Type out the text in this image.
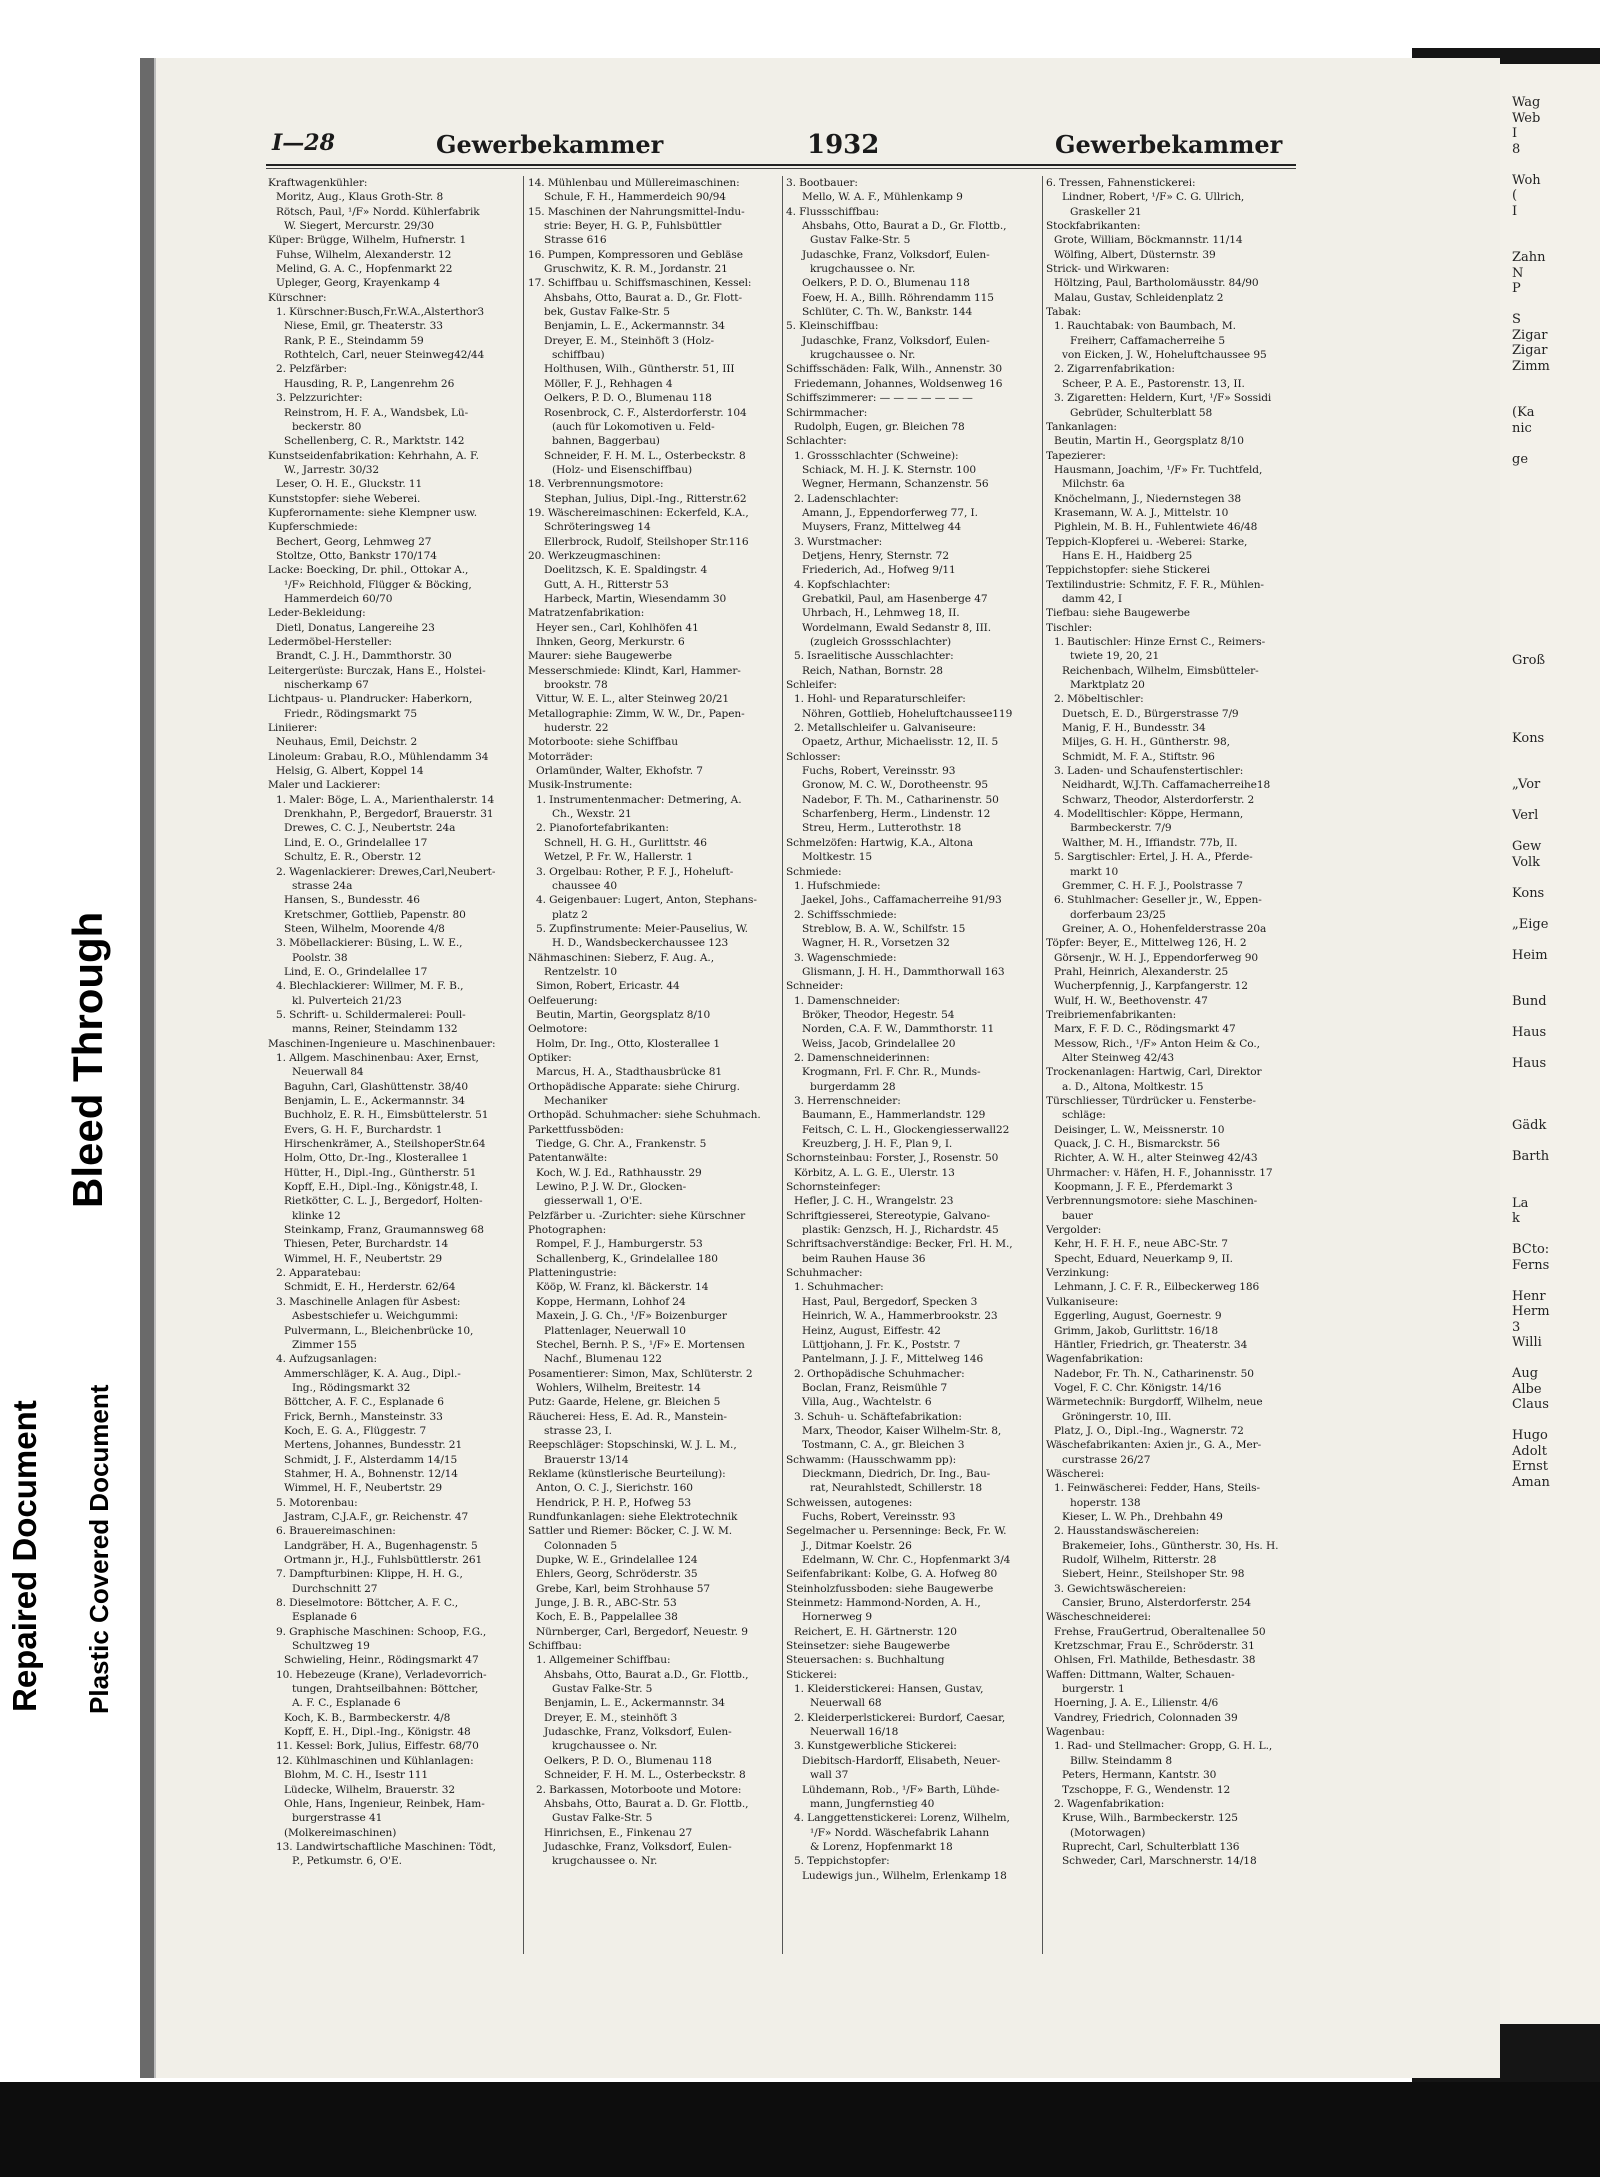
Wag
Web
I
8

Woh
(
I

Zahn
N
P

S
Zigar
Zigar
Zimm

(Ka
nic

ge

Groß

Kons

„Vor

Verl

Gew
Volk

Kons

„Eige

Heim

Bund

Haus

Haus

Gädk

Barth

La
k

BCto:
Ferns

Henr
Herm
3
Willi

Aug
Albe
Claus

Hugo
Adolt
Ernst
Aman
Repaired Document Plastic Covered Document
Bleed Through
I—28	Gewerbekammer	1932	Gewerbekammer
Kraftwagenkühler:
Moritz, Aug., Klaus Groth-Str. 8
Rötsch, Paul, ¹/F» Nordd. Kühlerfabrik
W. Siegert, Mercurstr. 29/30
Küper: Brügge, Wilhelm, Hufnerstr. 1
Fuhse, Wilhelm, Alexanderstr. 12
Melind, G. A. C., Hopfenmarkt 22
Upleger, Georg, Krayenkamp 4
Kürschner:
1. Kürschner:Busch,Fr.W.A.,Alsterthor3
Niese, Emil, gr. Theaterstr. 33
Rank, P. E., Steindamm 59
Rothtelch, Carl, neuer Steinweg42/44
2. Pelzfärber:
Hausding, R. P., Langenrehm 26
3. Pelzzurichter:
Reinstrom, H. F. A., Wandsbek, Lü-
beckerstr. 80
Schellenberg, C. R., Marktstr. 142
Kunstseidenfabrikation: Kehrhahn, A. F.
W., Jarrestr. 30/32
Leser, O. H. E., Gluckstr. 11
Kunststopfer: siehe Weberei.
Kupferornamente: siehe Klempner usw.
Kupferschmiede:
Bechert, Georg, Lehmweg 27
Stoltze, Otto, Bankstr 170/174
Lacke: Boecking, Dr. phil., Ottokar A.,
¹/F» Reichhold, Flügger & Böcking,
Hammerdeich 60/70
Leder-Bekleidung:
Dietl, Donatus, Langereihe 23
Ledermöbel-Hersteller:
Brandt, C. J. H., Dammthorstr. 30
Leitergerüste: Burczak, Hans E., Holstei-
nischerkamp 67
Lichtpaus- u. Plandrucker: Haberkorn,
Friedr., Rödingsmarkt 75
Liniierer:
Neuhaus, Emil, Deichstr. 2
Linoleum: Grabau, R.O., Mühlendamm 34
Helsig, G. Albert, Koppel 14
Maler und Lackierer:
1. Maler: Böge, L. A., Marienthalerstr. 14
Drenkhahn, P., Bergedorf, Brauerstr. 31
Drewes, C. C. J., Neubertstr. 24a
Lind, E. O., Grindelallee 17
Schultz, E. R., Oberstr. 12
2. Wagenlackierer: Drewes,Carl,Neubert-
strasse 24a
Hansen, S., Bundesstr. 46
Kretschmer, Gottlieb, Papenstr. 80
Steen, Wilhelm, Moorende 4/8
3. Möbellackierer: Büsing, L. W. E.,
Poolstr. 38
Lind, E. O., Grindelallee 17
4. Blechlackierer: Willmer, M. F. B.,
kl. Pulverteich 21/23
5. Schrift- u. Schildermalerei: Poull-
manns, Reiner, Steindamm 132
Maschinen-Ingenieure u. Maschinenbauer:
1. Allgem. Maschinenbau: Axer, Ernst,
Neuerwall 84
Baguhn, Carl, Glashüttenstr. 38/40
Benjamin, L. E., Ackermannstr. 34
Buchholz, E. R. H., Eimsbüttelerstr. 51
Evers, G. H. F., Burchardstr. 1
Hirschenkrämer, A., SteilshoperStr.64
Holm, Otto, Dr.-Ing., Klosterallee 1
Hütter, H., Dipl.-Ing., Güntherstr. 51
Kopff, E.H., Dipl.-Ing., Königstr.48, I.
Rietkötter, C. L. J., Bergedorf, Holten-
klinke 12
Steinkamp, Franz, Graumannsweg 68
Thiesen, Peter, Burchardstr. 14
Wimmel, H. F., Neubertstr. 29
2. Apparatebau:
Schmidt, E. H., Herderstr. 62/64
3. Maschinelle Anlagen für Asbest:
Asbestschiefer u. Weichgummi:
Pulvermann, L., Bleichenbrücke 10,
Zimmer 155
4. Aufzugsanlagen:
Ammerschläger, K. A. Aug., Dipl.-
Ing., Rödingsmarkt 32
Böttcher, A. F. C., Esplanade 6
Frick, Bernh., Mansteinstr. 33
Koch, E. G. A., Flüggestr. 7
Mertens, Johannes, Bundesstr. 21
Schmidt, J. F., Alsterdamm 14/15
Stahmer, H. A., Bohnenstr. 12/14
Wimmel, H. F., Neubertstr. 29
5. Motorenbau:
Jastram, C.J.A.F., gr. Reichenstr. 47
6. Brauereimaschinen:
Landgräber, H. A., Bugenhagenstr. 5
Ortmann jr., H.J., Fuhlsbüttlerstr. 261
7. Dampfturbinen: Klippe, H. H. G.,
Durchschnitt 27
8. Dieselmotore: Böttcher, A. F. C.,
Esplanade 6
9. Graphische Maschinen: Schoop, F.G.,
Schultzweg 19
Schwieling, Heinr., Rödingsmarkt 47
10. Hebezeuge (Krane), Verladevorrich-
tungen, Drahtseilbahnen: Böttcher,
A. F. C., Esplanade 6
Koch, K. B., Barmbeckerstr. 4/8
Kopff, E. H., Dipl.-Ing., Königstr. 48
11. Kessel: Bork, Julius, Eiffestr. 68/70
12. Kühlmaschinen und Kühlanlagen:
Blohm, M. C. H., Isestr 111
Lüdecke, Wilhelm, Brauerstr. 32
Ohle, Hans, Ingenieur, Reinbek, Ham-
burgerstrasse 41
(Molkereimaschinen)
13. Landwirtschaftliche Maschinen: Tödt,
P., Petkumstr. 6, O'E.
14. Mühlenbau und Müllereimaschinen:
Schule, F. H., Hammerdeich 90/94
15. Maschinen der Nahrungsmittel-Indu-
strie: Beyer, H. G. P., Fuhlsbüttler
Strasse 616
16. Pumpen, Kompressoren und Gebläse
Gruschwitz, K. R. M., Jordanstr. 21
17. Schiffbau u. Schiffsmaschinen, Kessel:
Ahsbahs, Otto, Baurat a. D., Gr. Flott-
bek, Gustav Falke-Str. 5
Benjamin, L. E., Ackermannstr. 34
Dreyer, E. M., Steinhöft 3 (Holz-
schiffbau)
Holthusen, Wilh., Güntherstr. 51, III
Möller, F. J., Rehhagen 4
Oelkers, P. D. O., Blumenau 118
Rosenbrock, C. F., Alsterdorferstr. 104
(auch für Lokomotiven u. Feld-
bahnen, Baggerbau)
Schneider, F. H. M. L., Osterbeckstr. 8
(Holz- und Eisenschiffbau)
18. Verbrennungsmotore:
Stephan, Julius, Dipl.-Ing., Ritterstr.62
19. Wäschereimaschinen: Eckerfeld, K.A.,
Schröteringsweg 14
Ellerbrock, Rudolf, Steilshoper Str.116
20. Werkzeugmaschinen:
Doelitzsch, K. E. Spaldingstr. 4
Gutt, A. H., Ritterstr 53
Harbeck, Martin, Wiesendamm 30
Matratzenfabrikation:
Heyer sen., Carl, Kohlhöfen 41
Ihnken, Georg, Merkurstr. 6
Maurer: siehe Baugewerbe
Messerschmiede: Klindt, Karl, Hammer-
brookstr. 78
Vittur, W. E. L., alter Steinweg 20/21
Metallographie: Zimm, W. W., Dr., Papen-
huderstr. 22
Motorboote: siehe Schiffbau
Motorräder:
Orlamünder, Walter, Ekhofstr. 7
Musik-Instrumente:
1. Instrumentenmacher: Detmering, A.
Ch., Wexstr. 21
2. Pianofortefabrikanten:
Schnell, H. G. H., Gurlittstr. 46
Wetzel, P. Fr. W., Hallerstr. 1
3. Orgelbau: Rother, P. F. J., Hoheluft-
chaussee 40
4. Geigenbauer: Lugert, Anton, Stephans-
platz 2
5. Zupfinstrumente: Meier-Pauselius, W.
H. D., Wandsbeckerchaussee 123
Nähmaschinen: Sieberz, F. Aug. A.,
Rentzelstr. 10
Simon, Robert, Ericastr. 44
Oelfeuerung:
Beutin, Martin, Georgsplatz 8/10
Oelmotore:
Holm, Dr. Ing., Otto, Klosterallee 1
Optiker:
Marcus, H. A., Stadthausbrücke 81
Orthopädische Apparate: siehe Chirurg.
Mechaniker
Orthopäd. Schuhmacher: siehe Schuhmach.
Parkettfussböden:
Tiedge, G. Chr. A., Frankenstr. 5
Patentanwälte:
Koch, W. J. Ed., Rathhausstr. 29
Lewino, P. J. W. Dr., Glocken-
giesserwall 1, O'E.
Pelzfärber u. -Zurichter: siehe Kürschner
Photographen:
Rompel, F. J., Hamburgerstr. 53
Schallenberg, K., Grindelallee 180
Platteningustrie:
Kööp, W. Franz, kl. Bäckerstr. 14
Koppe, Hermann, Lohhof 24
Maxein, J. G. Ch., ¹/F» Boizenburger
Plattenlager, Neuerwall 10
Stechel, Bernh. P. S., ¹/F» E. Mortensen
Nachf., Blumenau 122
Posamentierer: Simon, Max, Schlüterstr. 2
Wohlers, Wilhelm, Breitestr. 14
Putz: Gaarde, Helene, gr. Bleichen 5
Räucherei: Hess, E. Ad. R., Manstein-
strasse 23, I.
Reepschläger: Stopschinski, W. J. L. M.,
Brauerstr 13/14
Reklame (künstlerische Beurteilung):
Anton, O. C. J., Sierichstr. 160
Hendrick, P. H. P., Hofweg 53
Rundfunkanlagen: siehe Elektrotechnik
Sattler und Riemer: Böcker, C. J. W. M.
Colonnaden 5
Dupke, W. E., Grindelallee 124
Ehlers, Georg, Schröderstr. 35
Grebe, Karl, beim Strohhause 57
Junge, J. B. R., ABC-Str. 53
Koch, E. B., Pappelallee 38
Nürnberger, Carl, Bergedorf, Neuestr. 9
Schiffbau:
1. Allgemeiner Schiffbau:
Ahsbahs, Otto, Baurat a.D., Gr. Flottb.,
Gustav Falke-Str. 5
Benjamin, L. E., Ackermannstr. 34
Dreyer, E. M., steinhöft 3
Judaschke, Franz, Volksdorf, Eulen-
krugchaussee o. Nr.
Oelkers, P. D. O., Blumenau 118
Schneider, F. H. M. L., Osterbeckstr. 8
2. Barkassen, Motorboote und Motore:
Ahsbahs, Otto, Baurat a. D. Gr. Flottb.,
Gustav Falke-Str. 5
Hinrichsen, E., Finkenau 27
Judaschke, Franz, Volksdorf, Eulen-
krugchaussee o. Nr.
3. Bootbauer:
Mello, W. A. F., Mühlenkamp 9
4. Flussschiffbau:
Ahsbahs, Otto, Baurat a D., Gr. Flottb.,
Gustav Falke-Str. 5
Judaschke, Franz, Volksdorf, Eulen-
krugchaussee o. Nr.
Oelkers, P. D. O., Blumenau 118
Foew, H. A., Billh. Röhrendamm 115
Schlüter, C. Th. W., Bankstr. 144
5. Kleinschiffbau:
Judaschke, Franz, Volksdorf, Eulen-
krugchaussee o. Nr.
Schiffsschäden: Falk, Wilh., Annenstr. 30
Friedemann, Johannes, Woldsenweg 16
Schiffszimmerer: — — — — — — —
Schirmmacher:
Rudolph, Eugen, gr. Bleichen 78
Schlachter:
1. Grossschlachter (Schweine):
Schiack, M. H. J. K. Sternstr. 100
Wegner, Hermann, Schanzenstr. 56
2. Ladenschlachter:
Amann, J., Eppendorferweg 77, I.
Muysers, Franz, Mittelweg 44
3. Wurstmacher:
Detjens, Henry, Sternstr. 72
Friederich, Ad., Hofweg 9/11
4. Kopfschlachter:
Grebatkil, Paul, am Hasenberge 47
Uhrbach, H., Lehmweg 18, II.
Wordelmann, Ewald Sedanstr 8, III.
(zugleich Grossschlachter)
5. Israelitische Ausschlachter:
Reich, Nathan, Bornstr. 28
Schleifer:
1. Hohl- und Reparaturschleifer:
Nöhren, Gottlieb, Hoheluftchaussee119
2. Metallschleifer u. Galvaniseure:
Opaetz, Arthur, Michaelisstr. 12, II. 5
Schlosser:
Fuchs, Robert, Vereinsstr. 93
Gronow, M. C. W., Dorotheenstr. 95
Nadebor, F. Th. M., Catharinenstr. 50
Scharfenberg, Herm., Lindenstr. 12
Streu, Herm., Lutterothstr. 18
Schmelzöfen: Hartwig, K.A., Altona
Moltkestr. 15
Schmiede:
1. Hufschmiede:
Jaekel, Johs., Caffamacherreihe 91/93
2. Schiffsschmiede:
Streblow, B. A. W., Schilfstr. 15
Wagner, H. R., Vorsetzen 32
3. Wagenschmiede:
Glismann, J. H. H., Dammthorwall 163
Schneider:
1. Damenschneider:
Bröker, Theodor, Hegestr. 54
Norden, C.A. F. W., Dammthorstr. 11
Weiss, Jacob, Grindelallee 20
2. Damenschneiderinnen:
Krogmann, Frl. F. Chr. R., Munds-
burgerdamm 28
3. Herrenschneider:
Baumann, E., Hammerlandstr. 129
Feitsch, C. L. H., Glockengiesserwall22
Kreuzberg, J. H. F., Plan 9, I.
Schornsteinbau: Forster, J., Rosenstr. 50
Körbitz, A. L. G. E., Ulerstr. 13
Schornsteinfeger:
Hefler, J. C. H., Wrangelstr. 23
Schriftgiesserei, Stereotypie, Galvano-
plastik: Genzsch, H. J., Richardstr. 45
Schriftsachverständige: Becker, Frl. H. M.,
beim Rauhen Hause 36
Schuhmacher:
1. Schuhmacher:
Hast, Paul, Bergedorf, Specken 3
Heinrich, W. A., Hammerbrookstr. 23
Heinz, August, Eiffestr. 42
Lüttjohann, J. Fr. K., Poststr. 7
Pantelmann, J. J. F., Mittelweg 146
2. Orthopädische Schuhmacher:
Boclan, Franz, Reismühle 7
Villa, Aug., Wachtelstr. 6
3. Schuh- u. Schäftefabrikation:
Marx, Theodor, Kaiser Wilhelm-Str. 8,
Tostmann, C. A., gr. Bleichen 3
Schwamm: (Hausschwamm pp):
Dieckmann, Diedrich, Dr. Ing., Bau-
rat, Neurahlstedt, Schillerstr. 18
Schweissen, autogenes:
Fuchs, Robert, Vereinsstr. 93
Segelmacher u. Persenninge: Beck, Fr. W.
J., Ditmar Koelstr. 26
Edelmann, W. Chr. C., Hopfenmarkt 3/4
Seifenfabrikant: Kolbe, G. A. Hofweg 80
Steinholzfussboden: siehe Baugewerbe
Steinmetz: Hammond-Norden, A. H.,
Hornerweg 9
Reichert, E. H. Gärtnerstr. 120
Steinsetzer: siehe Baugewerbe
Steuersachen: s. Buchhaltung
Stickerei:
1. Kleiderstickerei: Hansen, Gustav,
Neuerwall 68
2. Kleiderperlstickerei: Burdorf, Caesar,
Neuerwall 16/18
3. Kunstgewerbliche Stickerei:
Diebitsch-Hardorff, Elisabeth, Neuer-
wall 37
Lühdemann, Rob., ¹/F» Barth, Lühde-
mann, Jungfernstieg 40
4. Langgettenstickerei: Lorenz, Wilhelm,
¹/F» Nordd. Wäschefabrik Lahann
& Lorenz, Hopfenmarkt 18
5. Teppichstopfer:
Ludewigs jun., Wilhelm, Erlenkamp 18
6. Tressen, Fahnenstickerei:
Lindner, Robert, ¹/F» C. G. Ullrich,
Graskeller 21
Stockfabrikanten:
Grote, William, Böckmannstr. 11/14
Wölfing, Albert, Düsternstr. 39
Strick- und Wirkwaren:
Höltzing, Paul, Bartholomäusstr. 84/90
Malau, Gustav, Schleidenplatz 2
Tabak:
1. Rauchtabak: von Baumbach, M.
Freiherr, Caffamacherreihe 5
von Eicken, J. W., Hoheluftchaussee 95
2. Zigarrenfabrikation:
Scheer, P. A. E., Pastorenstr. 13, II.
3. Zigaretten: Heldern, Kurt, ¹/F» Sossidi
Gebrüder, Schulterblatt 58
Tankanlagen:
Beutin, Martin H., Georgsplatz 8/10
Tapezierer:
Hausmann, Joachim, ¹/F» Fr. Tuchtfeld,
Milchstr. 6a
Knöchelmann, J., Niedernstegen 38
Krasemann, W. A. J., Mittelstr. 10
Pighlein, M. B. H., Fuhlentwiete 46/48
Teppich-Klopferei u. -Weberei: Starke,
Hans E. H., Haidberg 25
Teppichstopfer: siehe Stickerei
Textilindustrie: Schmitz, F. F. R., Mühlen-
damm 42, I
Tiefbau: siehe Baugewerbe
Tischler:
1. Bautischler: Hinze Ernst C., Reimers-
twiete 19, 20, 21
Reichenbach, Wilhelm, Eimsbütteler-
Marktplatz 20
2. Möbeltischler:
Duetsch, E. D., Bürgerstrasse 7/9
Manig, F. H., Bundesstr. 34
Miljes, G. H. H., Güntherstr. 98,
Schmidt, M. F. A., Stiftstr. 96
3. Laden- und Schaufenstertischler:
Neidhardt, W.J.Th. Caffamacherreihe18
Schwarz, Theodor, Alsterdorferstr. 2
4. Modelltischler: Köppe, Hermann,
Barmbeckerstr. 7/9
Walther, M. H., Iffiandstr. 77b, II.
5. Sargtischler: Ertel, J. H. A., Pferde-
markt 10
Gremmer, C. H. F. J., Poolstrasse 7
6. Stuhlmacher: Geseller jr., W., Eppen-
dorferbaum 23/25
Greiner, A. O., Hohenfelderstrasse 20a
Töpfer: Beyer, E., Mittelweg 126, H. 2
Görsenjr., W. H. J., Eppendorferweg 90
Prahl, Heinrich, Alexanderstr. 25
Wucherpfennig, J., Karpfangerstr. 12
Wulf, H. W., Beethovenstr. 47
Treibriemenfabrikanten:
Marx, F. F. D. C., Rödingsmarkt 47
Messow, Rich., ¹/F» Anton Heim & Co.,
Alter Steinweg 42/43
Trockenanlagen: Hartwig, Carl, Direktor
a. D., Altona, Moltkestr. 15
Türschliesser, Türdrücker u. Fensterbe-
schläge:
Deisinger, L. W., Meissnerstr. 10
Quack, J. C. H., Bismarckstr. 56
Richter, A. W. H., alter Steinweg 42/43
Uhrmacher: v. Häfen, H. F., Johannisstr. 17
Koopmann, J. F. E., Pferdemarkt 3
Verbrennungsmotore: siehe Maschinen-
bauer
Vergolder:
Kehr, H. F. H. F., neue ABC-Str. 7
Specht, Eduard, Neuerkamp 9, II.
Verzinkung:
Lehmann, J. C. F. R., Eilbeckerweg 186
Vulkaniseure:
Eggerling, August, Goernestr. 9
Grimm, Jakob, Gurlittstr. 16/18
Häntler, Friedrich, gr. Theaterstr. 34
Wagenfabrikation:
Nadebor, Fr. Th. N., Catharinenstr. 50
Vogel, F. C. Chr. Königstr. 14/16
Wärmetechnik: Burgdorff, Wilhelm, neue
Gröningerstr. 10, III.
Platz, J. O., Dipl.-Ing., Wagnerstr. 72
Wäschefabrikanten: Axien jr., G. A., Mer-
curstrasse 26/27
Wäscherei:
1. Feinwäscherei: Fedder, Hans, Steils-
hoperstr. 138
Kieser, L. W. Ph., Drehbahn 49
2. Hausstandswäschereien:
Brakemeier, Iohs., Güntherstr. 30, Hs. H.
Rudolf, Wilhelm, Ritterstr. 28
Siebert, Heinr., Steilshoper Str. 98
3. Gewichtswäschereien:
Cansier, Bruno, Alsterdorferstr. 254
Wäscheschneiderei:
Frehse, FrauGertrud, Oberaltenallee 50
Kretzschmar, Frau E., Schröderstr. 31
Ohlsen, Frl. Mathilde, Bethesdastr. 38
Waffen: Dittmann, Walter, Schauen-
burgerstr. 1
Hoerning, J. A. E., Lilienstr. 4/6
Vandrey, Friedrich, Colonnaden 39
Wagenbau:
1. Rad- und Stellmacher: Gropp, G. H. L.,
Billw. Steindamm 8
Peters, Hermann, Kantstr. 30
Tzschoppe, F. G., Wendenstr. 12
2. Wagenfabrikation:
Kruse, Wilh., Barmbeckerstr. 125
(Motorwagen)
Ruprecht, Carl, Schulterblatt 136
Schweder, Carl, Marschnerstr. 14/18
